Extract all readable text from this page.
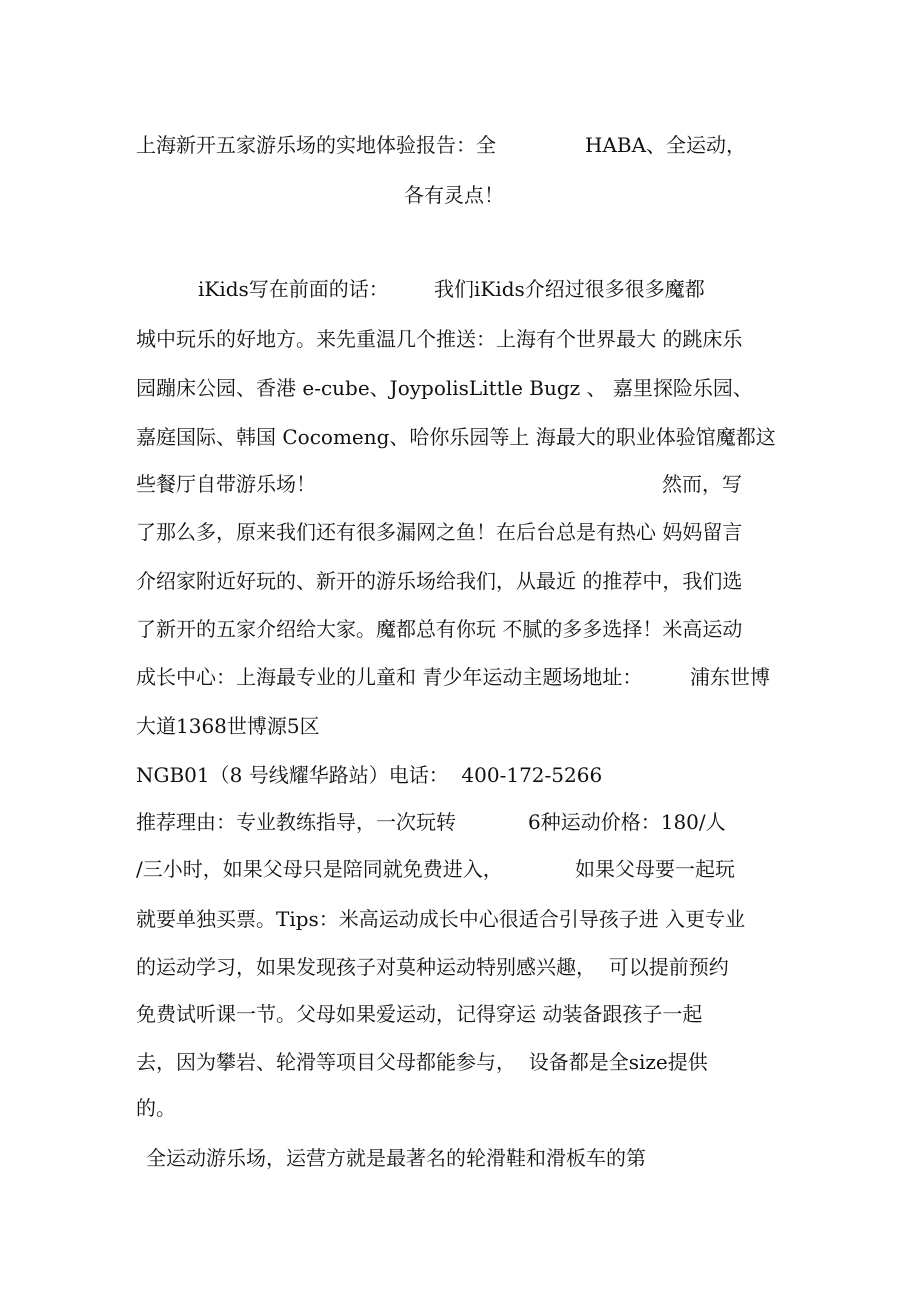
上海新开五家游乐场的实地体验报告：全	HABA、全运动，

各有灵点！

iKids写在前面的话： 我们iKids介绍过很多很多魔都

城中玩乐的好地方。来先重温几个推送：上海有个世界最大 的跳床乐

园蹦床公园、香港 e-cube、JoypolisLittle Bugz 、 嘉里探险乐园、

嘉庭国际、韩国 Cocomeng、哈你乐园等上 海最大的职业体验馆魔都这

些餐厅自带游乐场！	然而，写

了那么多，原来我们还有很多漏网之鱼！在后台总是有热心 妈妈留言

介绍家附近好玩的、新开的游乐场给我们，从最近 的推荐中，我们选

了新开的五家介绍给大家。魔都总有你玩 不腻的多多选择！米高运动

成长中心：上海最专业的儿童和 青少年运动主题场地址： 浦东世博

大道1368世博源5区

NGB01（8 号线耀华路站）电话：  400-172-5266

推荐理由：专业教练指导，一次玩转	6种运动价格：180/人

/三小时，如果父母只是陪同就免费进入，	如果父母要一起玩

就要单独买票。Tips：米高运动成长中心很适合引导孩子进 入更专业

的运动学习，如果发现孩子对莫种运动特别感兴趣，  可以提前预约

免费试听课一节。父母如果爱运动，记得穿运 动装备跟孩子一起

去，因为攀岩、轮滑等项目父母都能参与，  设备都是全size提供

的。

全运动游乐场，运营方就是最著名的轮滑鞋和滑板车的第
